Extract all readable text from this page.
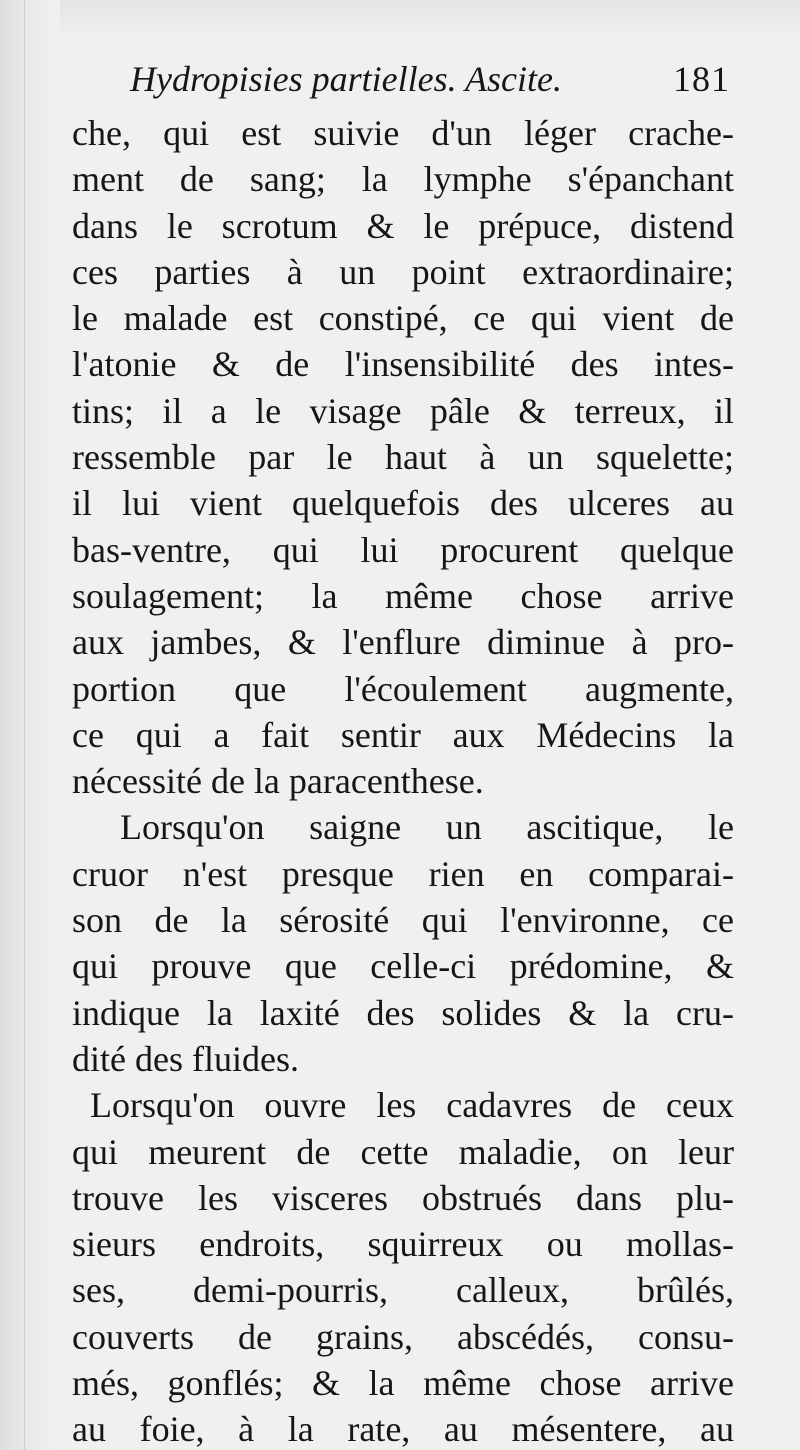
Hydropisies partielles. Ascite.	181
che, qui est suivie d'un léger crache-
ment de sang; la lymphe s'épanchant
dans le scrotum & le prépuce, distend
ces parties à un point extraordinaire;
le malade est constipé, ce qui vient de
l'atonie & de l'insensibilité des intes-
tins; il a le visage pâle & terreux, il
ressemble par le haut à un squelette;
il lui vient quelquefois des ulceres au
bas-ventre, qui lui procurent quelque
soulagement; la même chose arrive
aux jambes, & l'enflure diminue à pro-
portion que l'écoulement augmente,
ce qui a fait sentir aux Médecins la
nécessité de la paracenthese.
Lorsqu'on saigne un ascitique, le
cruor n'est presque rien en comparai-
son de la sérosité qui l'environne, ce
qui prouve que celle-ci prédomine, &
indique la laxité des solides & la cru-
dité des fluides.
Lorsqu'on ouvre les cadavres de ceux
qui meurent de cette maladie, on leur
trouve les visceres obstrués dans plu-
sieurs endroits, squirreux ou mollas-
ses, demi-pourris, calleux, brûlés,
couverts de grains, abscédés, consu-
més, gonflés; & la même chose arrive
au foie, à la rate, au mésentere, au
